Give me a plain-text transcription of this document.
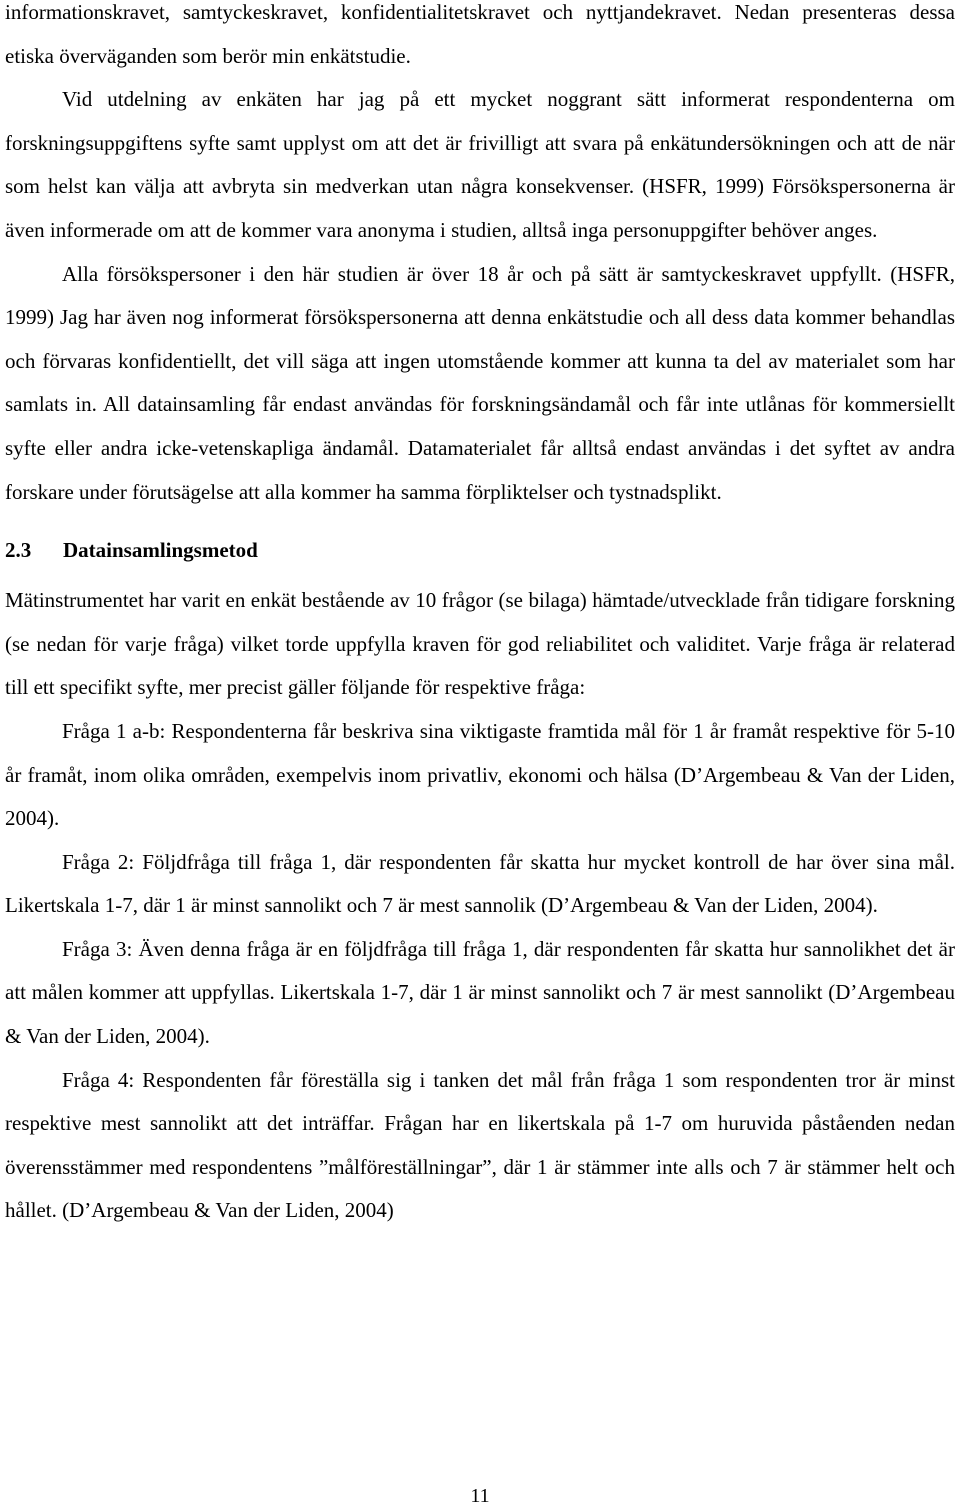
informationskravet, samtyckeskravet, konfidentialitetskravet och nyttjandekravet. Nedan presenteras dessa etiska överväganden som berör min enkätstudie.

Vid utdelning av enkäten har jag på ett mycket noggrant sätt informerat respondenterna om forskningsuppgiftens syfte samt upplyst om att det är frivilligt att svara på enkätundersökningen och att de när som helst kan välja att avbryta sin medverkan utan några konsekvenser. (HSFR, 1999) Försökspersonerna är även informerade om att de kommer vara anonyma i studien, alltså inga personuppgifter behöver anges.

Alla försökspersoner i den här studien är över 18 år och på sätt är samtyckeskravet uppfyllt. (HSFR, 1999) Jag har även nog informerat försökspersonerna att denna enkätstudie och all dess data kommer behandlas och förvaras konfidentiellt, det vill säga att ingen utomstående kommer att kunna ta del av materialet som har samlats in. All datainsamling får endast användas för forskningsändamål och får inte utlånas för kommersiellt syfte eller andra icke-vetenskapliga ändamål. Datamaterialet får alltså endast användas i det syftet av andra forskare under förutsägelse att alla kommer ha samma förpliktelser och tystnadsplikt.

2.3 Datainsamlingsmetod

Mätinstrumentet har varit en enkät bestående av 10 frågor (se bilaga) hämtade/utvecklade från tidigare forskning (se nedan för varje fråga) vilket torde uppfylla kraven för god reliabilitet och validitet. Varje fråga är relaterad till ett specifikt syfte, mer precist gäller följande för respektive fråga:

Fråga 1 a-b: Respondenterna får beskriva sina viktigaste framtida mål för 1 år framåt respektive för 5-10 år framåt, inom olika områden, exempelvis inom privatliv, ekonomi och hälsa (D’Argembeau & Van der Liden, 2004).

Fråga 2: Följdfråga till fråga 1, där respondenten får skatta hur mycket kontroll de har över sina mål. Likertskala 1-7, där 1 är minst sannolikt och 7 är mest sannolik (D’Argembeau & Van der Liden, 2004).

Fråga 3: Även denna fråga är en följdfråga till fråga 1, där respondenten får skatta hur sannolikhet det är att målen kommer att uppfyllas. Likertskala 1-7, där 1 är minst sannolikt och 7 är mest sannolikt (D’Argembeau & Van der Liden, 2004).

Fråga 4: Respondenten får föreställa sig i tanken det mål från fråga 1 som respondenten tror är minst respektive mest sannolikt att det inträffar. Frågan har en likertskala på 1-7 om huruvida påståenden nedan överensstämmer med respondentens ”målföreställningar”, där 1 är stämmer inte alls och 7 är stämmer helt och hållet. (D’Argembeau & Van der Liden, 2004)

11
